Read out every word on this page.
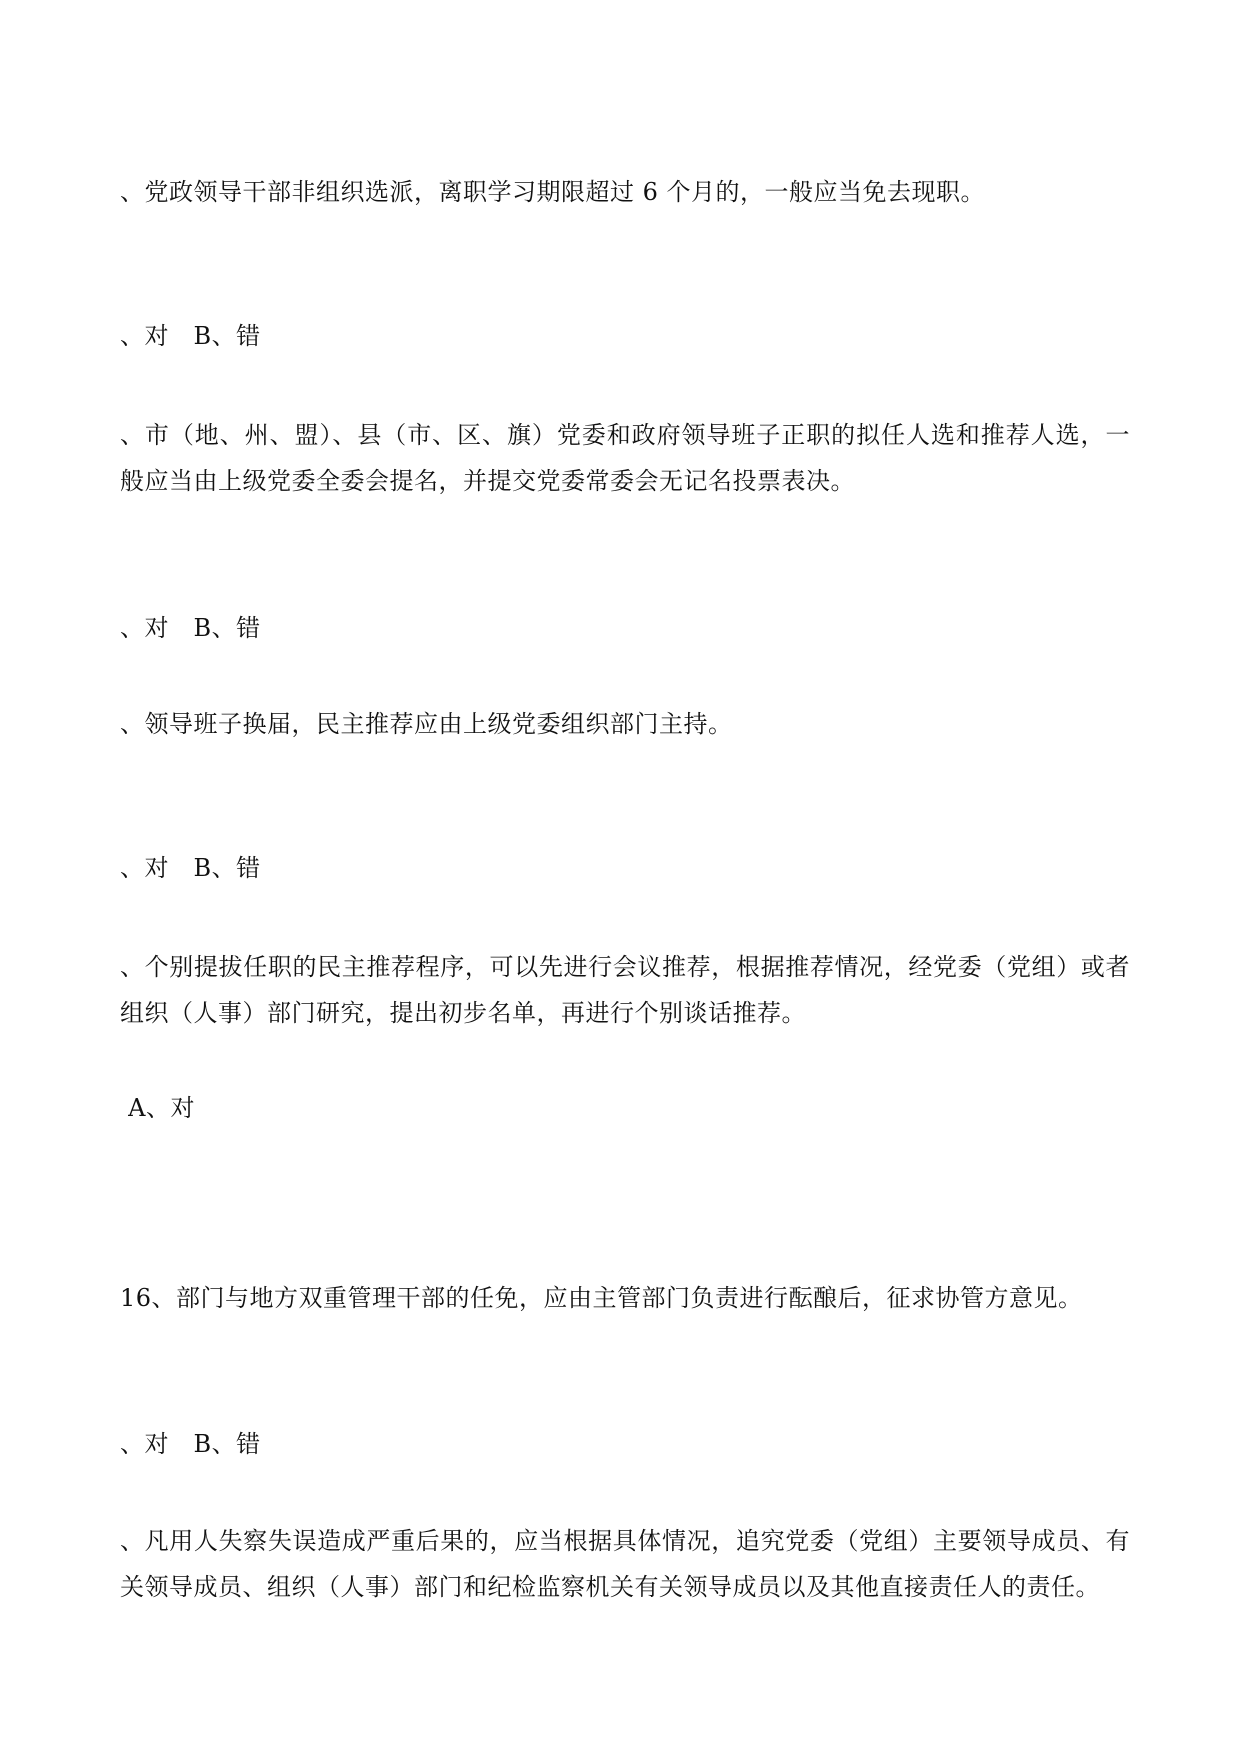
、党政领导干部非组织选派，离职学习期限超过 6 个月的，一般应当免去现职。
、对　B、错
、市（地、州、盟）、县（市、区、旗）党委和政府领导班子正职的拟任人选和推荐人选，一般应当由上级党委全委会提名，并提交党委常委会无记名投票表决。
、对　B、错
、领导班子换届，民主推荐应由上级党委组织部门主持。
、对　B、错
、个别提拔任职的民主推荐程序，可以先进行会议推荐，根据推荐情况，经党委（党组）或者组织（人事）部门研究，提出初步名单，再进行个别谈话推荐。
A、对
16、部门与地方双重管理干部的任免，应由主管部门负责进行酝酿后，征求协管方意见。
、对　B、错
、凡用人失察失误造成严重后果的，应当根据具体情况，追究党委（党组）主要领导成员、有关领导成员、组织（人事）部门和纪检监察机关有关领导成员以及其他直接责任人的责任。
